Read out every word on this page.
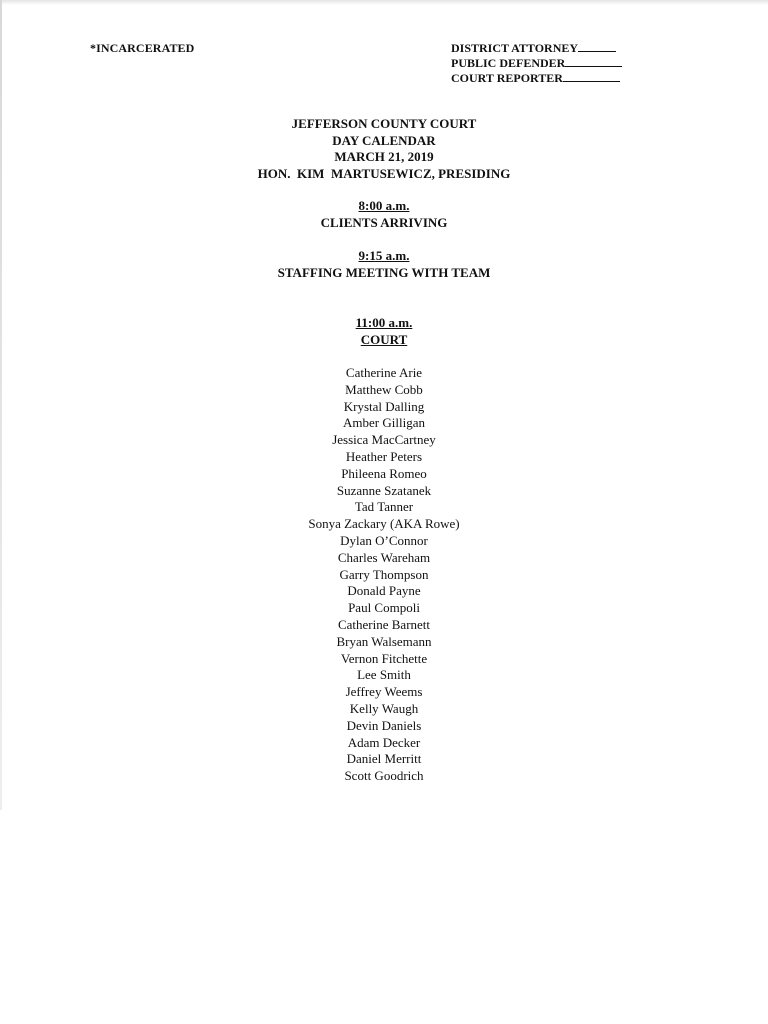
*INCARCERATED	DISTRICT ATTORNEY
PUBLIC DEFENDER
COURT REPORTER
JEFFERSON COUNTY COURT
DAY CALENDAR
MARCH 21, 2019
HON.  KIM  MARTUSEWICZ, PRESIDING
8:00 a.m.
CLIENTS ARRIVING
9:15 a.m.
STAFFING MEETING WITH TEAM
11:00 a.m.
COURT
Catherine Arie
Matthew Cobb
Krystal Dalling
Amber Gilligan
Jessica MacCartney
Heather Peters
Phileena Romeo
Suzanne Szatanek
Tad Tanner
Sonya Zackary (AKA Rowe)
Dylan O’Connor
Charles Wareham
Garry Thompson
Donald Payne
Paul Compoli
Catherine Barnett
Bryan Walsemann
Vernon Fitchette
Lee Smith
Jeffrey Weems
Kelly Waugh
Devin Daniels
Adam Decker
Daniel Merritt
Scott Goodrich
